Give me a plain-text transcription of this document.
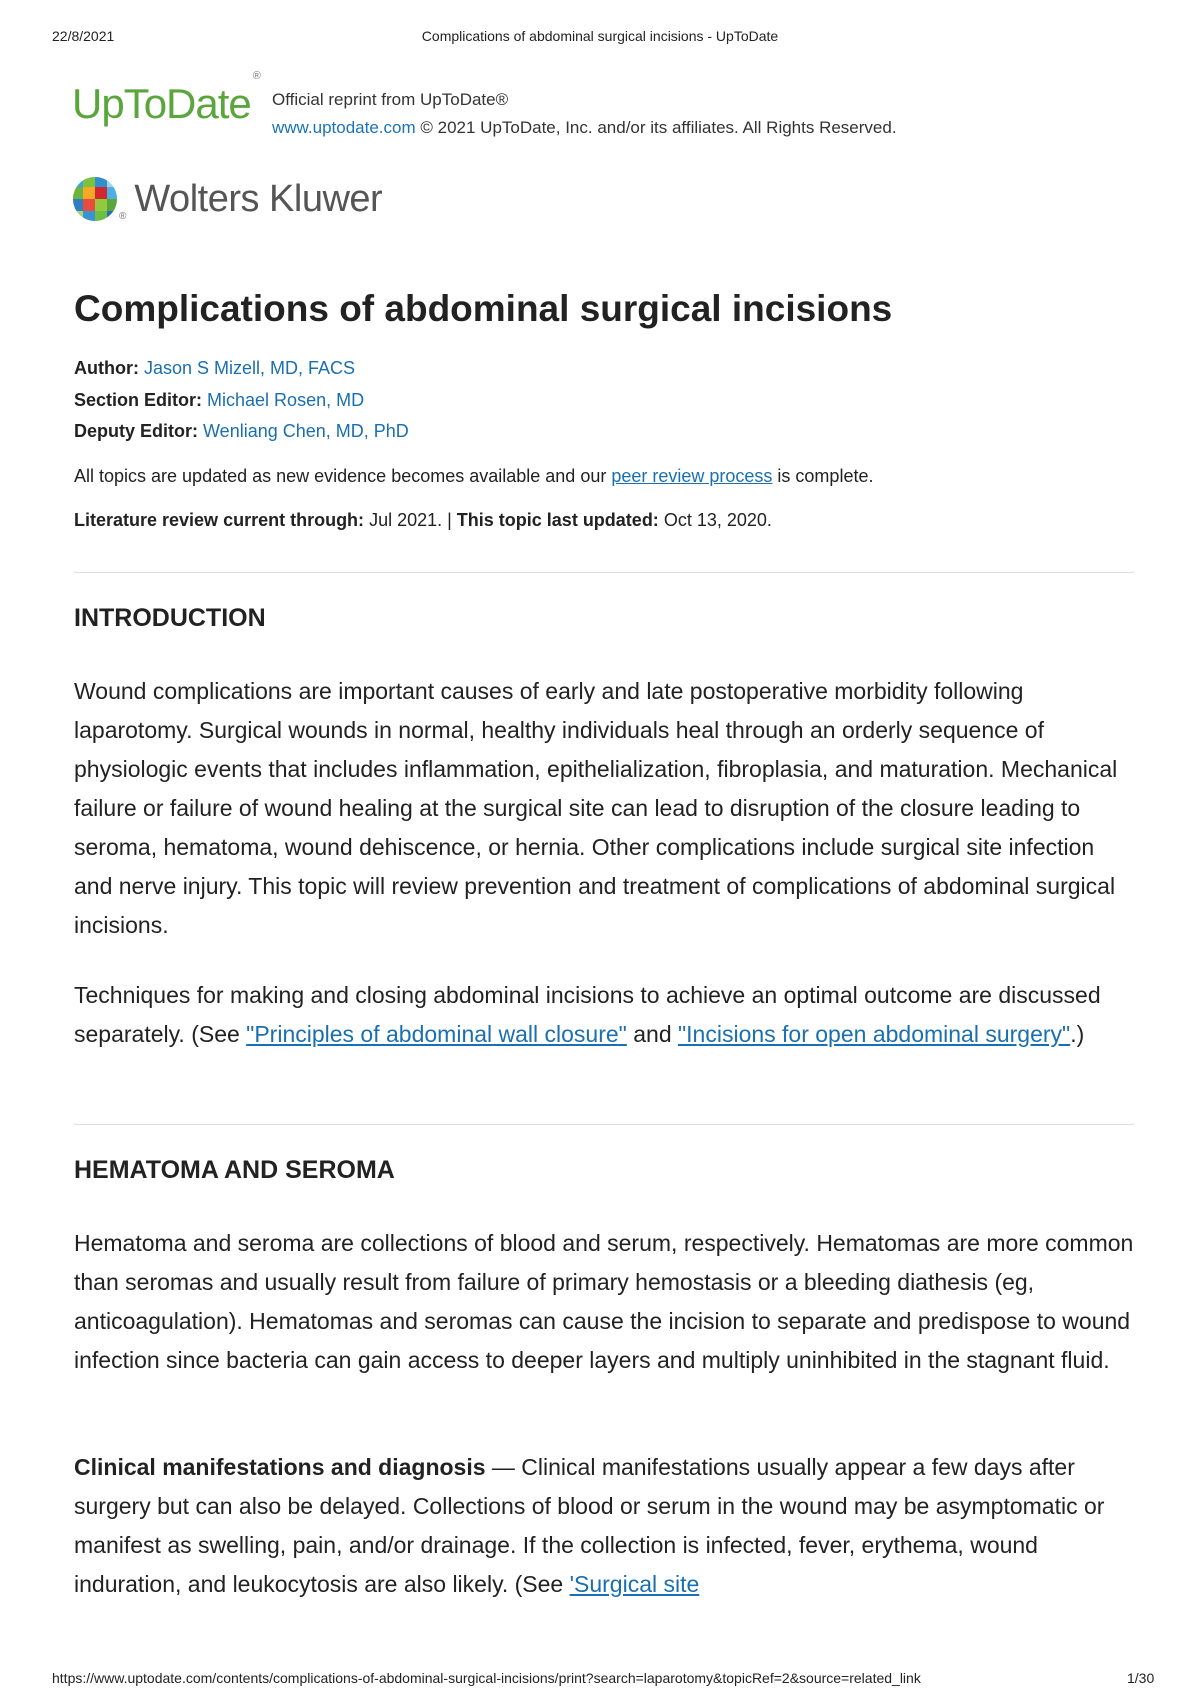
22/8/2021	Complications of abdominal surgical incisions - UpToDate
UpToDate®
Official reprint from UpToDate®
www.uptodate.com © 2021 UpToDate, Inc. and/or its affiliates. All Rights Reserved.
® Wolters Kluwer
Complications of abdominal surgical incisions
Author: Jason S Mizell, MD, FACS
Section Editor: Michael Rosen, MD
Deputy Editor: Wenliang Chen, MD, PhD
All topics are updated as new evidence becomes available and our peer review process is complete.
Literature review current through: Jul 2021. | This topic last updated: Oct 13, 2020.
INTRODUCTION

Wound complications are important causes of early and late postoperative morbidity following laparotomy. Surgical wounds in normal, healthy individuals heal through an orderly sequence of physiologic events that includes inflammation, epithelialization, fibroplasia, and maturation. Mechanical failure or failure of wound healing at the surgical site can lead to disruption of the closure leading to seroma, hematoma, wound dehiscence, or hernia. Other complications include surgical site infection and nerve injury. This topic will review prevention and treatment of complications of abdominal surgical incisions.

Techniques for making and closing abdominal incisions to achieve an optimal outcome are discussed separately. (See "Principles of abdominal wall closure" and "Incisions for open abdominal surgery".)

HEMATOMA AND SEROMA

Hematoma and seroma are collections of blood and serum, respectively. Hematomas are more common than seromas and usually result from failure of primary hemostasis or a bleeding diathesis (eg, anticoagulation). Hematomas and seromas can cause the incision to separate and predispose to wound infection since bacteria can gain access to deeper layers and multiply uninhibited in the stagnant fluid.

Clinical manifestations and diagnosis — Clinical manifestations usually appear a few days after surgery but can also be delayed. Collections of blood or serum in the wound may be asymptomatic or manifest as swelling, pain, and/or drainage. If the collection is infected, fever, erythema, wound induration, and leukocytosis are also likely. (See 'Surgical site

https://www.uptodate.com/contents/complications-of-abdominal-surgical-incisions/print?search=laparotomy&topicRef=2&source=related_link	1/30
